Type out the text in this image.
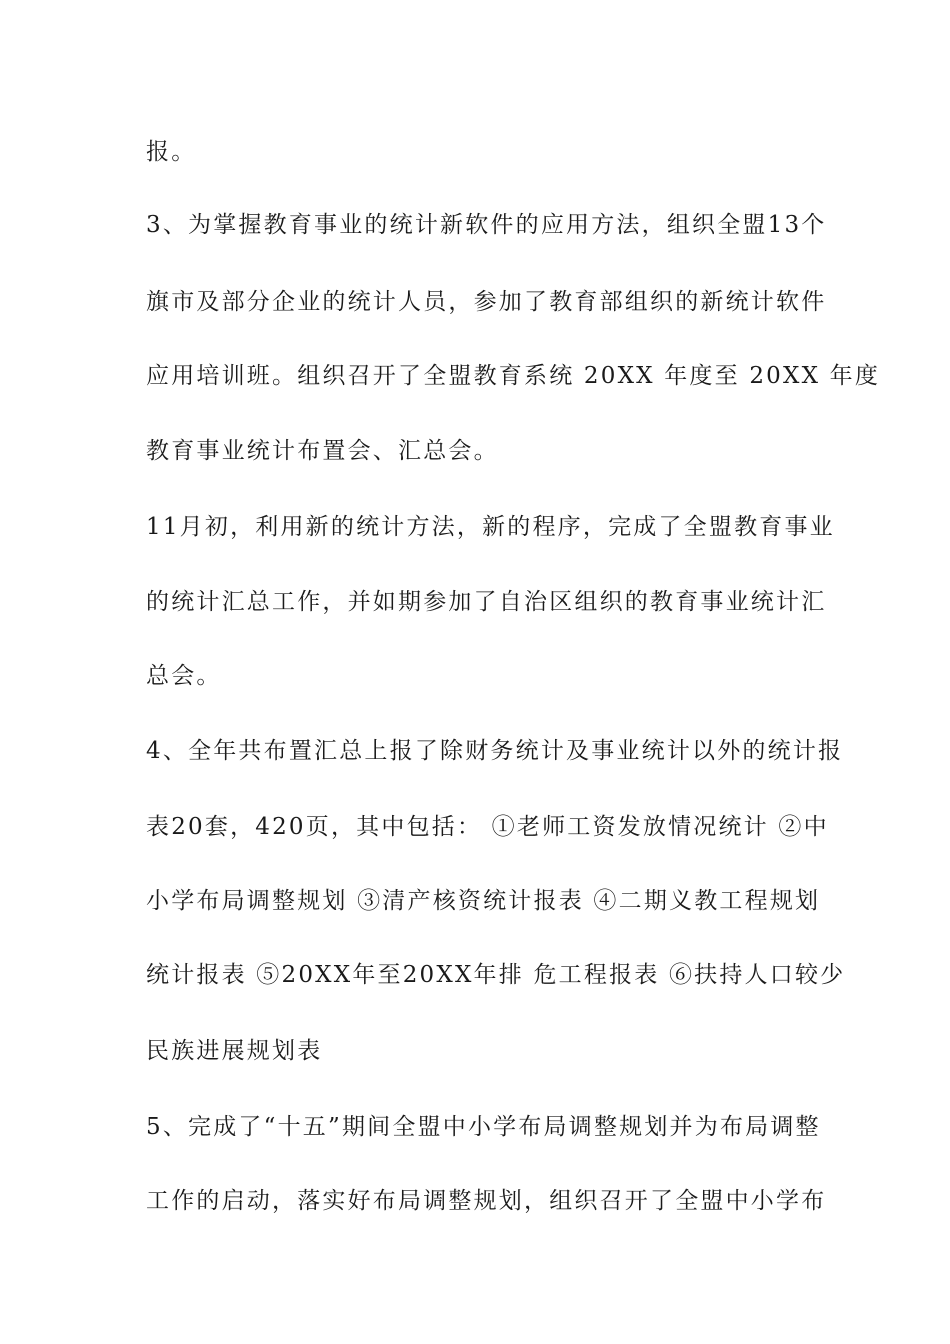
报。
3、为掌握教育事业的统计新软件的应用方法，组织全盟13个
旗市及部分企业的统计人员，参加了教育部组织的新统计软件
应用培训班。组织召开了全盟教育系统 20XX 年度至 20XX 年度
教育事业统计布置会、汇总会。
11月初，利用新的统计方法，新的程序，完成了全盟教育事业
的统计汇总工作，并如期参加了自治区组织的教育事业统计汇
总会。
4、全年共布置汇总上报了除财务统计及事业统计以外的统计报
表20套，420页，其中包括： ①老师工资发放情况统计 ②中
小学布局调整规划 ③清产核资统计报表 ④二期义教工程规划
统计报表 ⑤20XX年至20XX年排 危工程报表 ⑥扶持人口较少
民族进展规划表
5、完成了“十五”期间全盟中小学布局调整规划并为布局调整
工作的启动，落实好布局调整规划，组织召开了全盟中小学布
